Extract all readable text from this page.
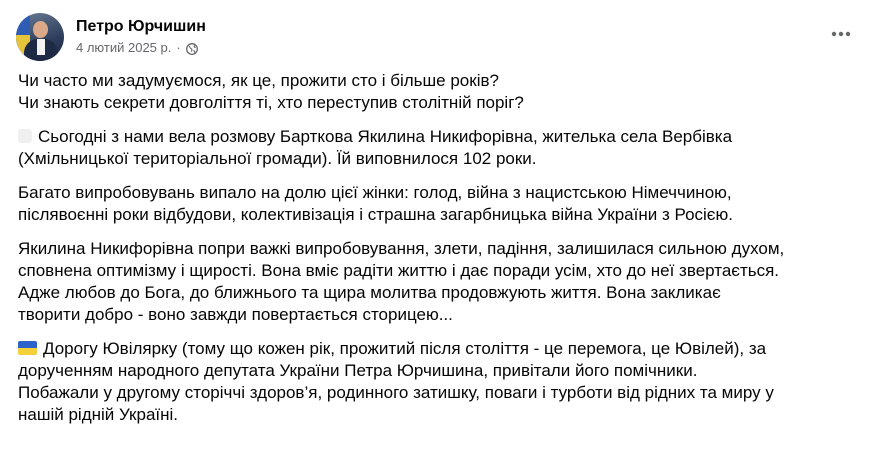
Петро Юрчишин
4 лютий 2025 р. ·
Чи часто ми задумуємося, як це, прожити сто і більше років?
Чи знають секрети довголіття ті, хто переступив столітній поріг?
Сьогодні з нами вела розмову Барткова Якилина Никифорівна, жителька села Вербівка
(Хмільницької територіальної громади). Їй виповнилося 102 роки.
Багато випробовувань випало на долю цієї жінки: голод, війна з нацистською Німеччиною,
післявоєнні роки відбудови, колективізація і страшна загарбницька війна України з Росією.
Якилина Никифорівна попри важкі випробовування, злети, падіння, залишилася сильною духом,
сповнена оптимізму і щирості. Вона вміє радіти життю і дає поради усім, хто до неї звертається.
Адже любов до Бога, до ближнього та щира молитва продовжують життя. Вона закликає
творити добро - воно завжди повертається сторицею...
Дорогу Ювілярку (тому що кожен рік, прожитий після століття - це перемога, це Ювілей), за
дорученням народного депутата України Петра Юрчишина, привітали його помічники.
Побажали у другому сторіччі здоров’я, родинного затишку, поваги і турботи від рідних та миру у
нашій рідній Україні.
